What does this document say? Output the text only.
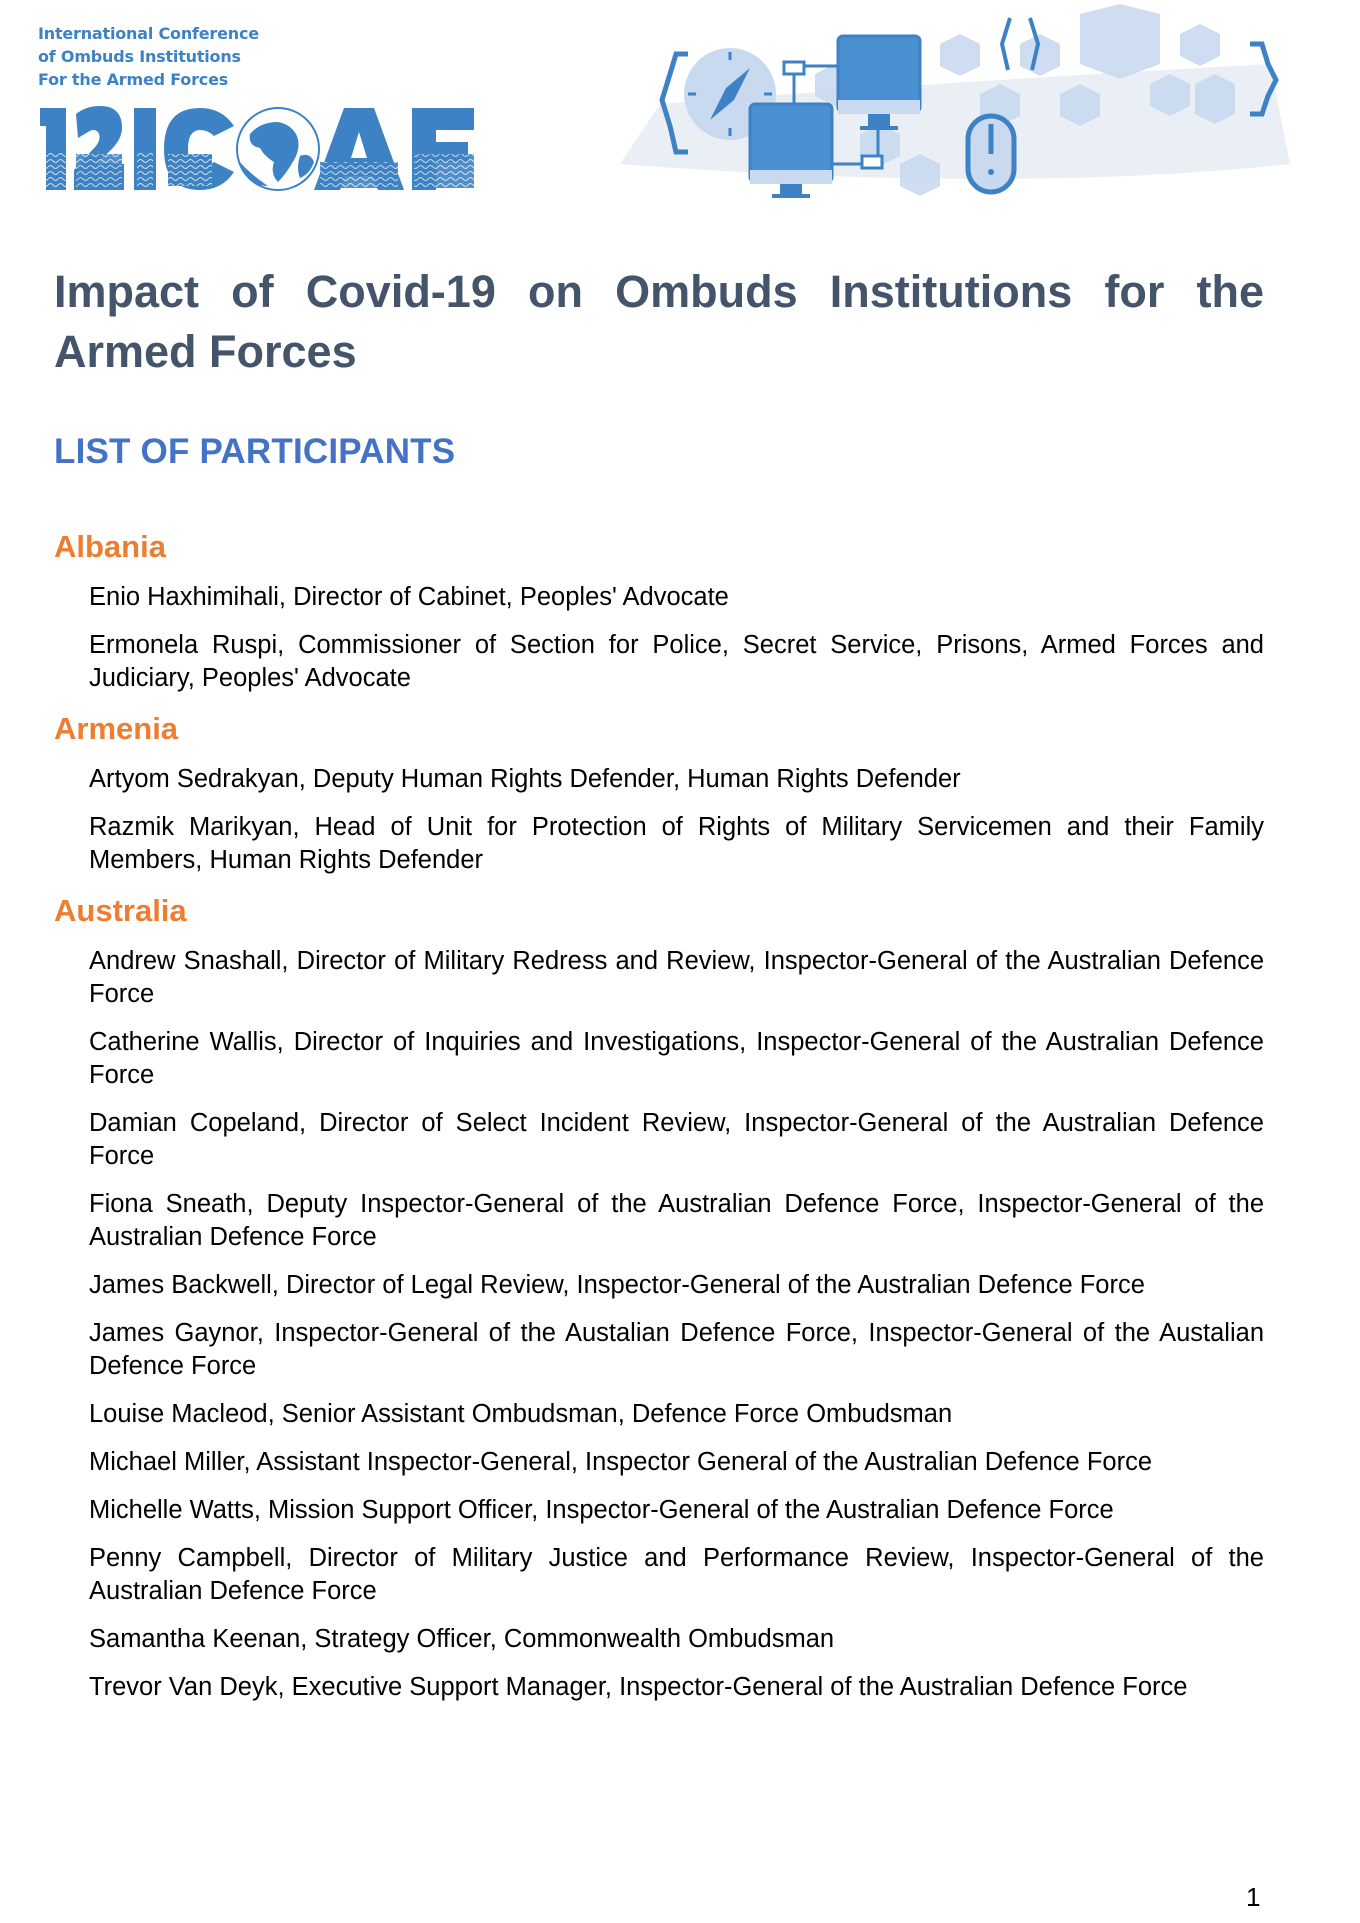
International Conference
of Ombuds Institutions
For the Armed Forces
Impact of Covid-19 on Ombuds Institutions for the Armed Forces
LIST OF PARTICIPANTS
Albania
Enio Haxhimihali, Director of Cabinet, Peoples' Advocate
Ermonela Ruspi, Commissioner of Section for Police, Secret Service, Prisons, Armed Forces and Judiciary, Peoples' Advocate
Armenia
Artyom Sedrakyan, Deputy Human Rights Defender, Human Rights Defender
Razmik Marikyan, Head of Unit for Protection of Rights of Military Servicemen and their Family Members, Human Rights Defender
Australia
Andrew Snashall, Director of Military Redress and Review, Inspector-General of the Australian Defence Force
Catherine Wallis, Director of Inquiries and Investigations, Inspector-General of the Australian Defence Force
Damian Copeland, Director of Select Incident Review, Inspector-General of the Australian Defence Force
Fiona Sneath, Deputy Inspector-General of the Australian Defence Force, Inspector-General of the Australian Defence Force
James Backwell, Director of Legal Review, Inspector-General of the Australian Defence Force
James Gaynor, Inspector-General of the Austalian Defence Force, Inspector-General of the Austalian Defence Force
Louise Macleod, Senior Assistant Ombudsman, Defence Force Ombudsman
Michael Miller, Assistant Inspector-General, Inspector General of the Australian Defence Force
Michelle Watts, Mission Support Officer, Inspector-General of the Australian Defence Force
Penny Campbell, Director of Military Justice and Performance Review, Inspector-General of the Australian Defence Force
Samantha Keenan, Strategy Officer, Commonwealth Ombudsman
Trevor Van Deyk, Executive Support Manager, Inspector-General of the Australian Defence Force
1
